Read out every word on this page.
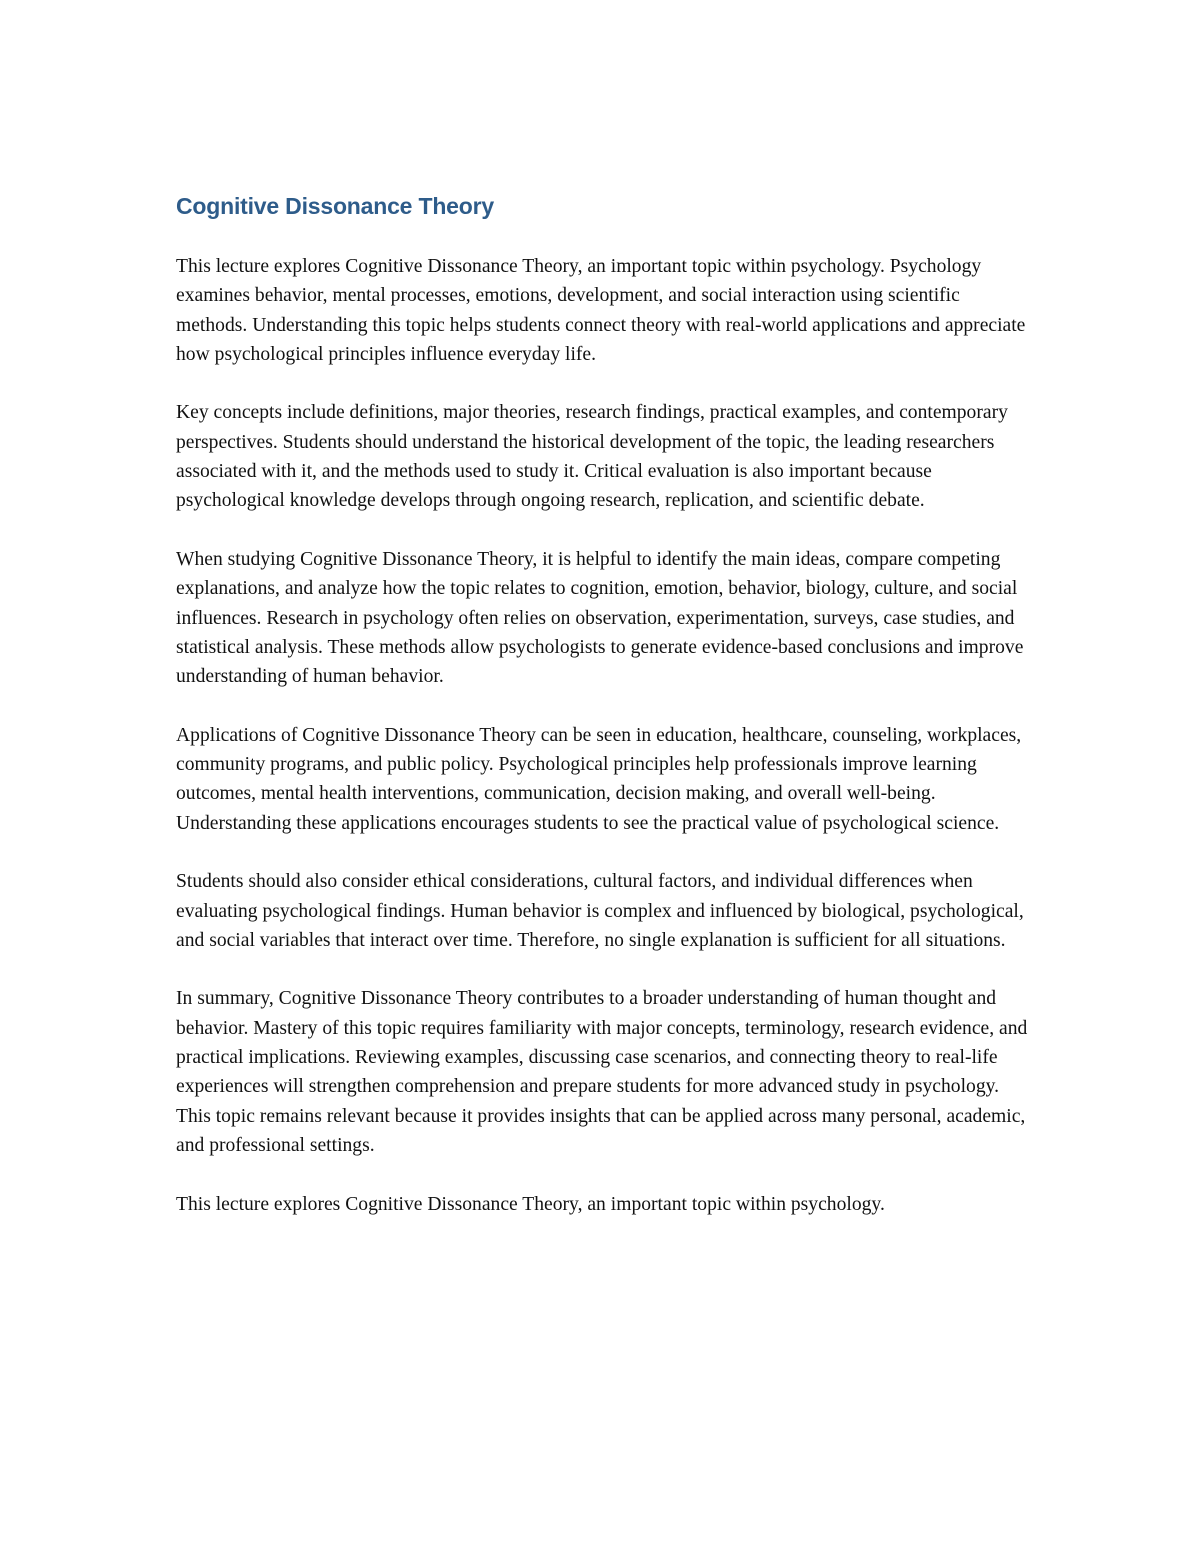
Cognitive Dissonance Theory

This lecture explores Cognitive Dissonance Theory, an important topic within psychology. Psychology examines behavior, mental processes, emotions, development, and social interaction using scientific methods. Understanding this topic helps students connect theory with real-world applications and appreciate how psychological principles influence everyday life.

Key concepts include definitions, major theories, research findings, practical examples, and contemporary perspectives. Students should understand the historical development of the topic, the leading researchers associated with it, and the methods used to study it. Critical evaluation is also important because psychological knowledge develops through ongoing research, replication, and scientific debate.

When studying Cognitive Dissonance Theory, it is helpful to identify the main ideas, compare competing explanations, and analyze how the topic relates to cognition, emotion, behavior, biology, culture, and social influences. Research in psychology often relies on observation, experimentation, surveys, case studies, and statistical analysis. These methods allow psychologists to generate evidence-based conclusions and improve understanding of human behavior.

Applications of Cognitive Dissonance Theory can be seen in education, healthcare, counseling, workplaces, community programs, and public policy. Psychological principles help professionals improve learning outcomes, mental health interventions, communication, decision making, and overall well-being. Understanding these applications encourages students to see the practical value of psychological science.

Students should also consider ethical considerations, cultural factors, and individual differences when evaluating psychological findings. Human behavior is complex and influenced by biological, psychological, and social variables that interact over time. Therefore, no single explanation is sufficient for all situations.

In summary, Cognitive Dissonance Theory contributes to a broader understanding of human thought and behavior. Mastery of this topic requires familiarity with major concepts, terminology, research evidence, and practical implications. Reviewing examples, discussing case scenarios, and connecting theory to real-life experiences will strengthen comprehension and prepare students for more advanced study in psychology. This topic remains relevant because it provides insights that can be applied across many personal, academic, and professional settings.

This lecture explores Cognitive Dissonance Theory, an important topic within psychology.
